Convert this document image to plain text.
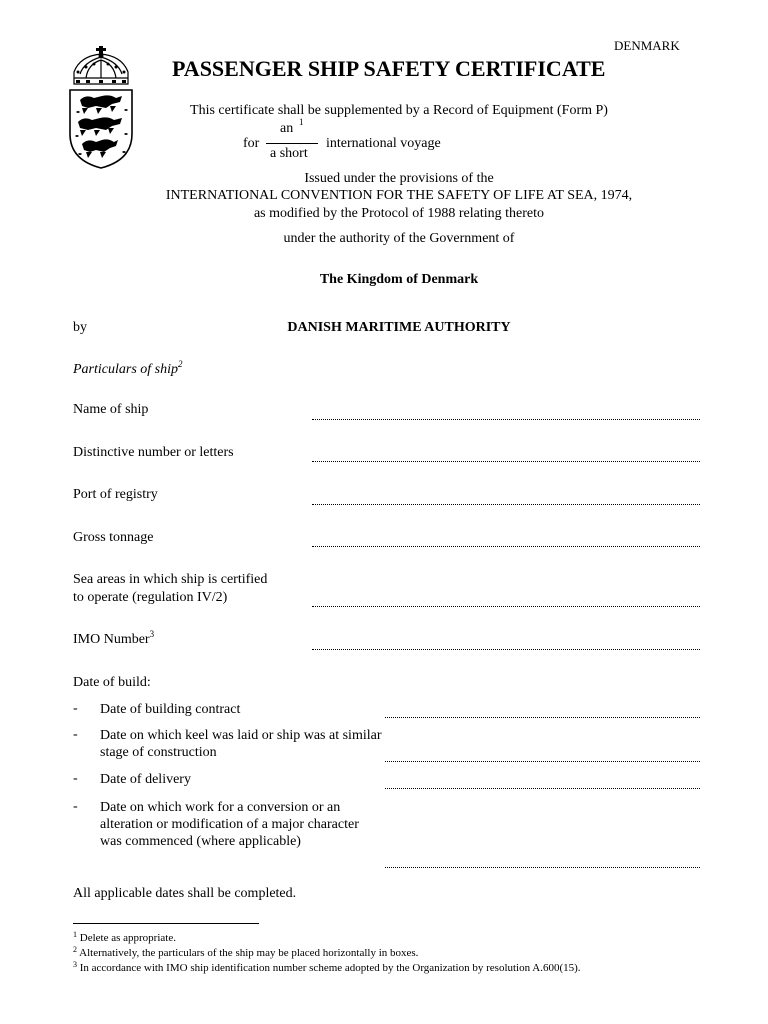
DENMARK
PASSENGER SHIP SAFETY CERTIFICATE
This certificate shall be supplemented by a Record of Equipment (Form P)
an 1
for	international voyage
a short
Issued under the provisions of the
INTERNATIONAL CONVENTION FOR THE SAFETY OF LIFE AT SEA, 1974,
as modified by the Protocol of 1988 relating thereto
under the authority of the Government of
The Kingdom of Denmark
by	DANISH MARITIME AUTHORITY
Particulars of ship$^2$
Name of ship
Distinctive number or letters
Port of registry
Gross tonnage
Sea areas in which ship is certified
to operate (regulation IV/2)
IMO Number$^3$
Date of build:
- Date of building contract
- Date on which keel was laid or ship was at similar stage of construction
- Date of delivery
- Date on which work for a conversion or an alteration or modification of a major character was commenced (where applicable)
All applicable dates shall be completed.
$^1$ Delete as appropriate.
$^2$ Alternatively, the particulars of the ship may be placed horizontally in boxes.
$^3$ In accordance with IMO ship identification number scheme adopted by the Organization by resolution A.600(15).
